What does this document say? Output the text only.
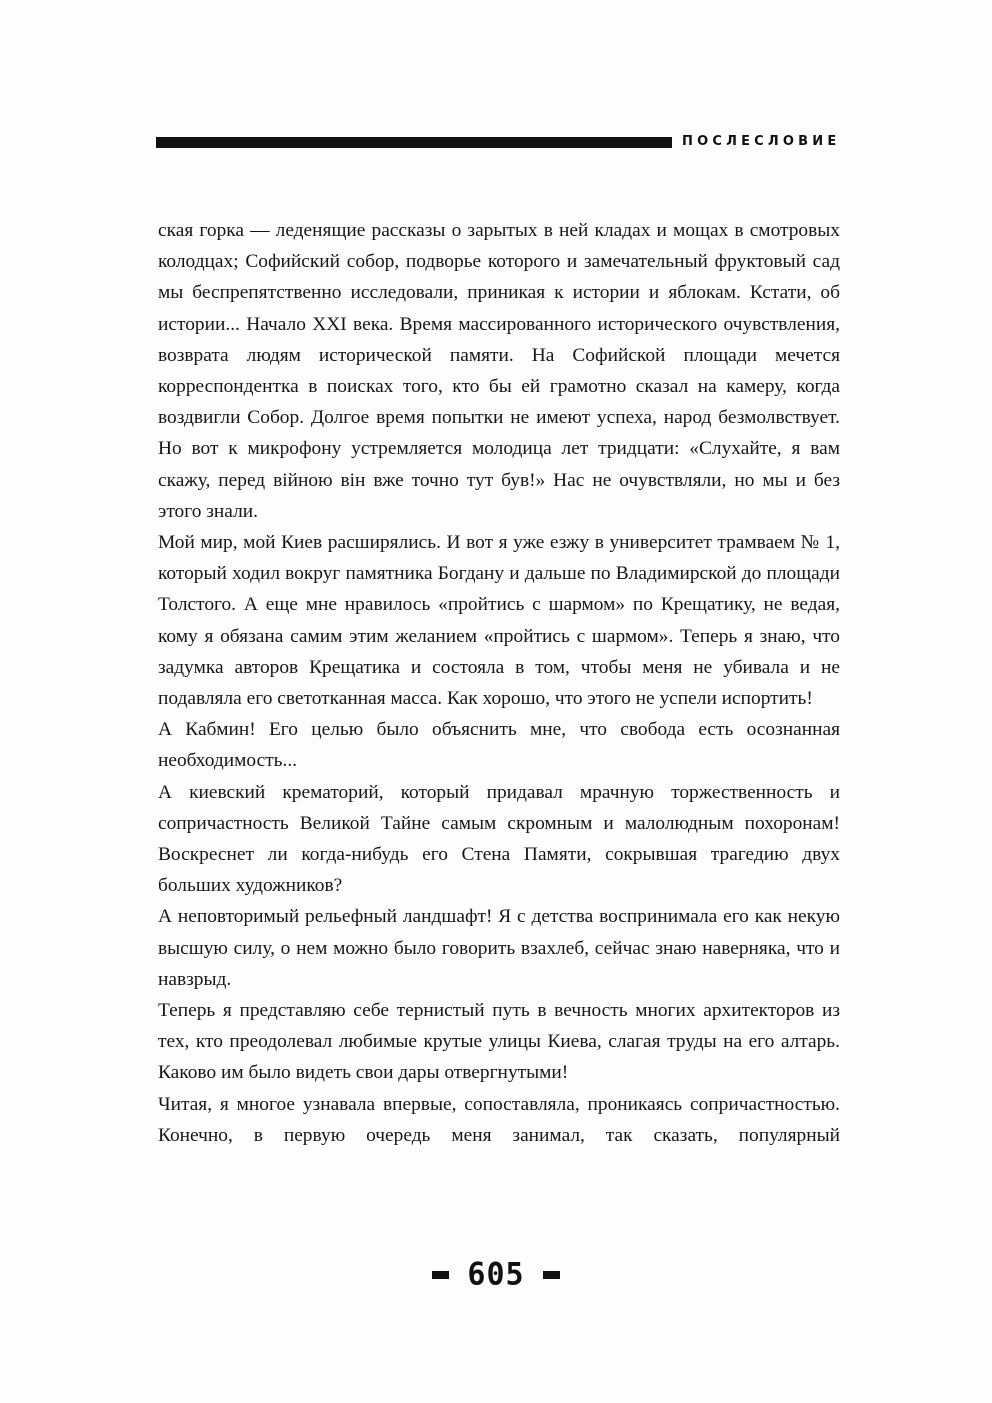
ПОСЛЕСЛОВИЕ

ская горка — леденящие рассказы о зарытых в ней кладах и мощах в смотровых колодцах; Софийский собор, подворье которого и замечательный фруктовый сад мы беспрепятственно исследовали, приникая к истории и яблокам. Кстати, об истории... Начало XXI века. Время массированного исторического очувствления, возврата людям исторической памяти. На Софийской площади мечется корреспондентка в поисках того, кто бы ей грамотно сказал на камеру, когда воздвигли Собор. Долгое время попытки не имеют успеха, народ безмолвствует. Но вот к микрофону устремляется молодица лет тридцати: «Слухайте, я вам скажу, перед війною він вже точно тут був!» Нас не очувствляли, но мы и без этого знали.

Мой мир, мой Киев расширялись. И вот я уже езжу в университет трамваем № 1, который ходил вокруг памятника Богдану и дальше по Владимирской до площади Толстого. А еще мне нравилось «пройтись с шармом» по Крещатику, не ведая, кому я обязана самим этим желанием «пройтись с шармом». Теперь я знаю, что задумка авторов Крещатика и состояла в том, чтобы меня не убивала и не подавляла его светотканная масса. Как хорошо, что этого не успели испортить!

А Кабмин! Его целью было объяснить мне, что свобода есть осознанная необходимость...

А киевский крематорий, который придавал мрачную торжественность и сопричастность Великой Тайне самым скромным и малолюдным похоронам! Воскреснет ли когда-нибудь его Стена Памяти, сокрывшая трагедию двух больших художников?

А неповторимый рельефный ландшафт! Я с детства воспринимала его как некую высшую силу, о нем можно было говорить взахлеб, сейчас знаю наверняка, что и навзрыд.

Теперь я представляю себе тернистый путь в вечность многих архитекторов из тех, кто преодолевал любимые крутые улицы Киева, слагая труды на его алтарь. Каково им было видеть свои дары отвергнутыми!

Читая, я многое узнавала впервые, сопоставляла, проникаясь сопричастностью. Конечно, в первую очередь меня занимал, так сказать, популярный

605
